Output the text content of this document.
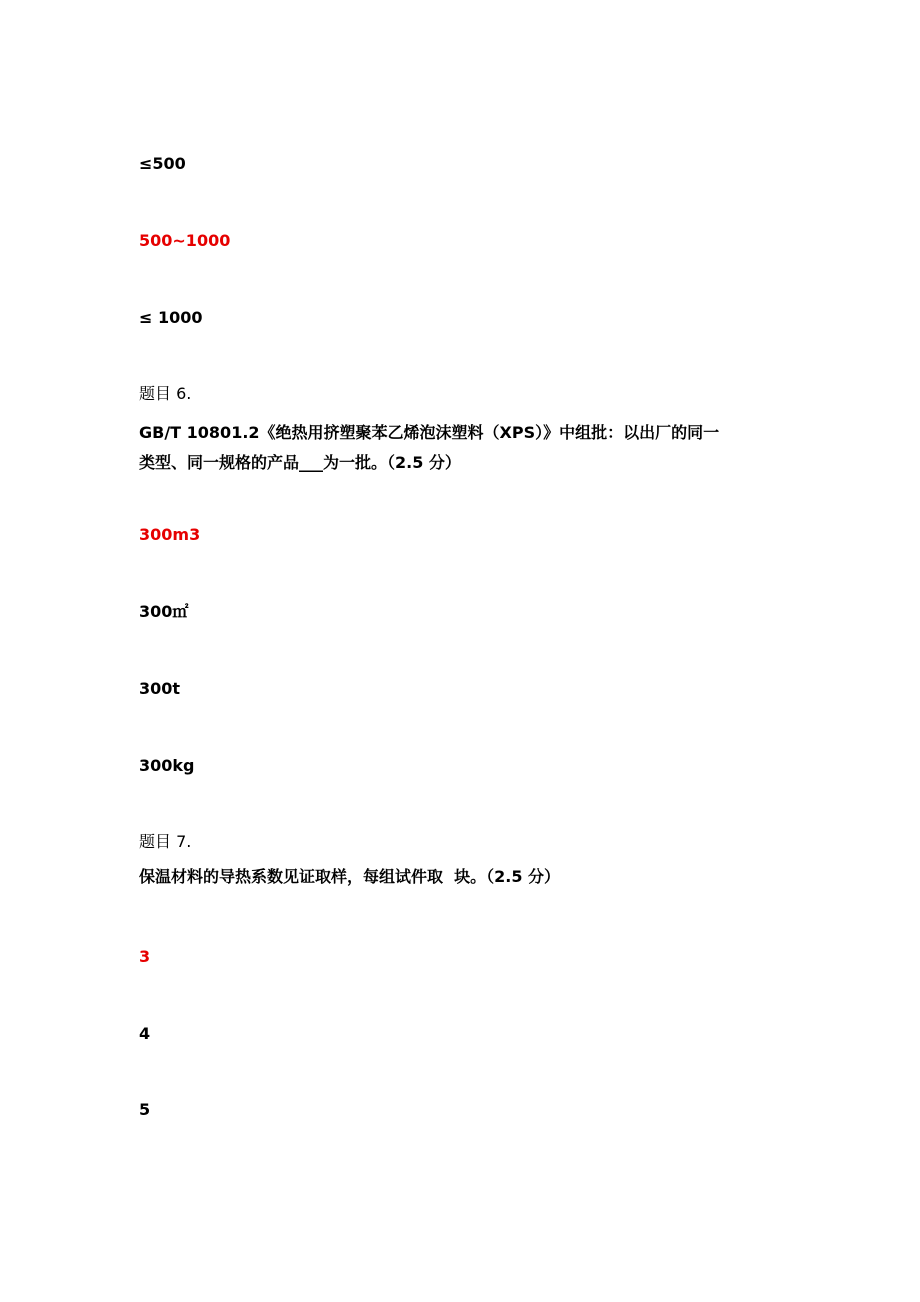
≤500

500~1000

≤ 1000

题目 6.

GB/T 10801.2《绝热用挤塑聚苯乙烯泡沫塑料（XPS）》中组批：以出厂的同一
类型、同一规格的产品___为一批。（2.5 分）

300m3

300㎡

300t

300kg

题目 7.

保温材料的导热系数见证取样，每组试件取  块。（2.5 分）

3

4

5
